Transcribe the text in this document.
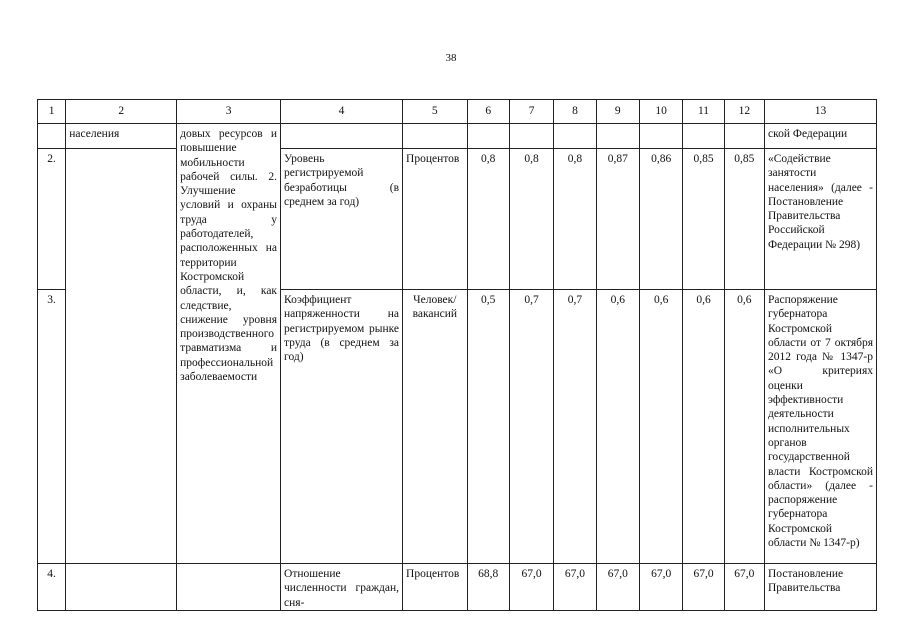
38
1	2	3	4	5	6	7	8	9	10	11	12	13
	населения	довых ресурсов и повышение мобильности рабочей силы. 2. Улучшение условий и охраны труда у работодателей, расположенных на территории Костромской области, и, как следствие, снижение уровня производственного травматизма и профессиональной заболеваемости										ской Федерации
2.			Уровень регистрируемой безработицы (в среднем за год)	Процентов	0,8	0,8	0,8	0,87	0,86	0,85	0,85	«Содействие занятости населения» (далее - Постановление Правительства Российской Федерации № 298)
3.			Коэффициент напряженности на регистрируемом рынке труда (в среднем за год)	Человек/ вакансий	0,5	0,7	0,7	0,6	0,6	0,6	0,6	Распоряжение губернатора Костромской области от 7 октября 2012 года № 1347-р «О критериях оценки эффективности деятельности исполнительных органов государственной власти Костромской области» (далее - распоряжение губернатора Костромской области № 1347-р)
4.			Отношение численности граждан, сня-	Процентов	68,8	67,0	67,0	67,0	67,0	67,0	67,0	Постановление Правительства
